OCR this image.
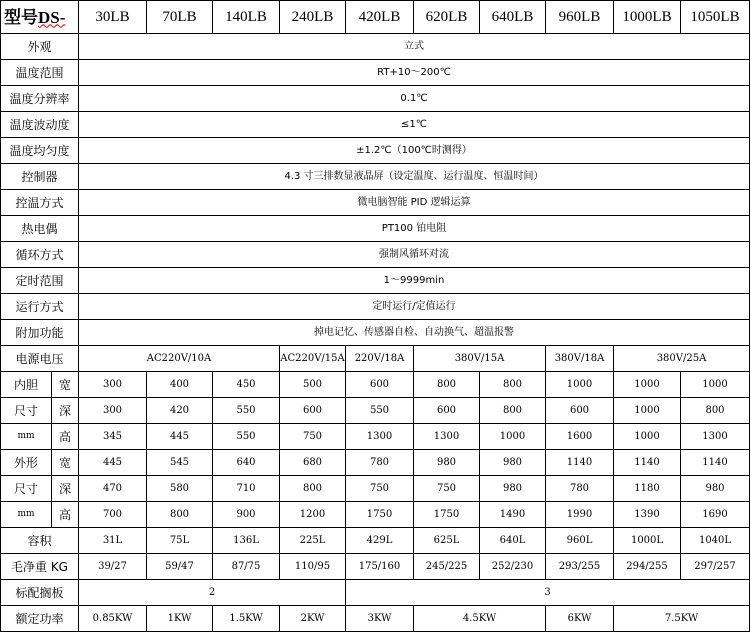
型号DS-		30LB	70LB	140LB	240LB	420LB	620LB	640LB	960LB	1000LB	1050LB
外观		立式									
温度范围		RT+10～200℃									
温度分辨率		0.1℃									
温度波动度		≤1℃									
温度均匀度		±1.2℃（100℃时测得）									
控制器		4.3 寸三排数显液晶屏（设定温度、运行温度、恒温时间）									
控温方式		微电脑智能 PID 逻辑运算									
热电偶		PT100 铂电阻									
循环方式		强制风循环对流									
定时范围		1～9999min									
运行方式		定时运行/定值运行									
附加功能		掉电记忆、传感器自检、自动换气、超温报警									
电源电压		AC220V/10A			AC220V/15A	220V/18A	380V/15A		380V/18A	380V/25A	
内胆	宽	300	400	450	500	600	800	800	1000	1000	1000
尺寸	深	300	420	550	600	550	600	800	600	1000	800
mm	高	345	445	550	750	1300	1300	1000	1600	1000	1300
外形	宽	445	545	640	680	780	980	980	1140	1140	1140
尺寸	深	470	580	710	800	750	750	980	780	1180	980
mm	高	700	800	900	1200	1750	1750	1490	1990	1390	1690
容积		31L	75L	136L	225L	429L	625L	640L	960L	1000L	1040L
毛净重 KG		39/27	59/47	87/75	110/95	175/160	245/225	252/230	293/255	294/255	297/257
标配搁板		2				3					
额定功率		0.85KW	1KW	1.5KW	2KW	3KW	4.5KW		6KW	7.5KW	
